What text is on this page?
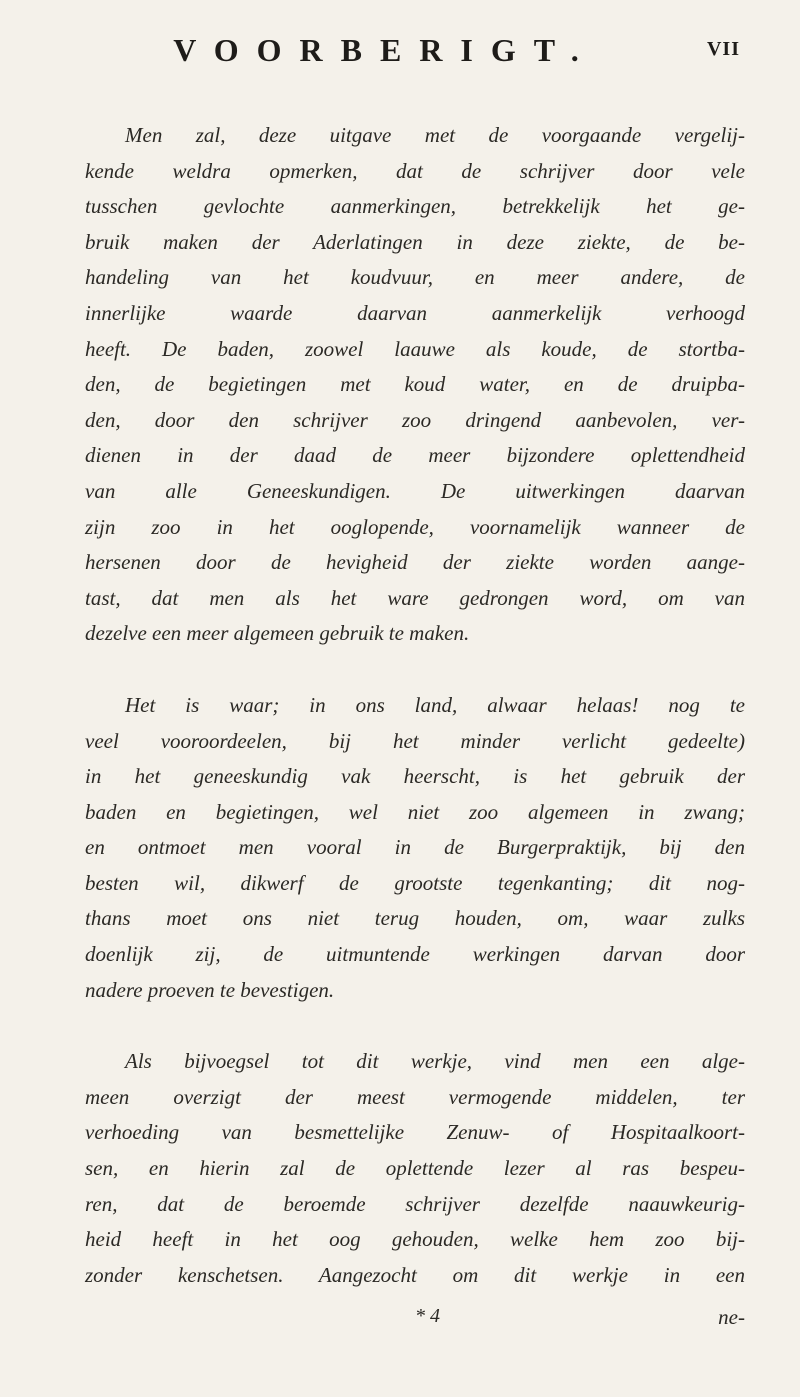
VOORBERIGT.	VII

Men zal, deze uitgave met de voorgaande vergelij-
kende weldra opmerken, dat de schrijver door vele
tusschen gevlochte aanmerkingen, betrekkelijk het ge-
bruik maken der Aderlatingen in deze ziekte, de be-
handeling van het koudvuur, en meer andere, de
innerlijke waarde daarvan aanmerkelijk verhoogd
heeft. De baden, zoowel laauwe als koude, de stortba-
den, de begietingen met koud water, en de druipba-
den, door den schrijver zoo dringend aanbevolen, ver-
dienen in der daad de meer bijzondere oplettendheid
van alle Geneeskundigen. De uitwerkingen daarvan
zijn zoo in het ooglopende, voornamelijk wanneer de
hersenen door de hevigheid der ziekte worden aange-
tast, dat men als het ware gedrongen word, om van
dezelve een meer algemeen gebruik te maken.

Het is waar; in ons land, alwaar helaas! nog te
veel vooroordeelen, bij het minder verlicht gedeelte)
in het geneeskundig vak heerscht, is het gebruik der
baden en begietingen, wel niet zoo algemeen in zwang;
en ontmoet men vooral in de Burgerpraktijk, bij den
besten wil, dikwerf de grootste tegenkanting; dit nog-
thans moet ons niet terug houden, om, waar zulks
doenlijk zij, de uitmuntende werkingen darvan door
nadere proeven te bevestigen.

Als bijvoegsel tot dit werkje, vind men een alge-
meen overzigt der meest vermogende middelen, ter
verhoeding van besmettelijke Zenuw- of Hospitaalkoort-
sen, en hierin zal de oplettende lezer al ras bespeu-
ren, dat de beroemde schrijver dezelfde naauwkeurig-
heid heeft in het oog gehouden, welke hem zoo bij-
zonder kenschetsen. Aangezocht om dit werkje in een

* 4	ne-
